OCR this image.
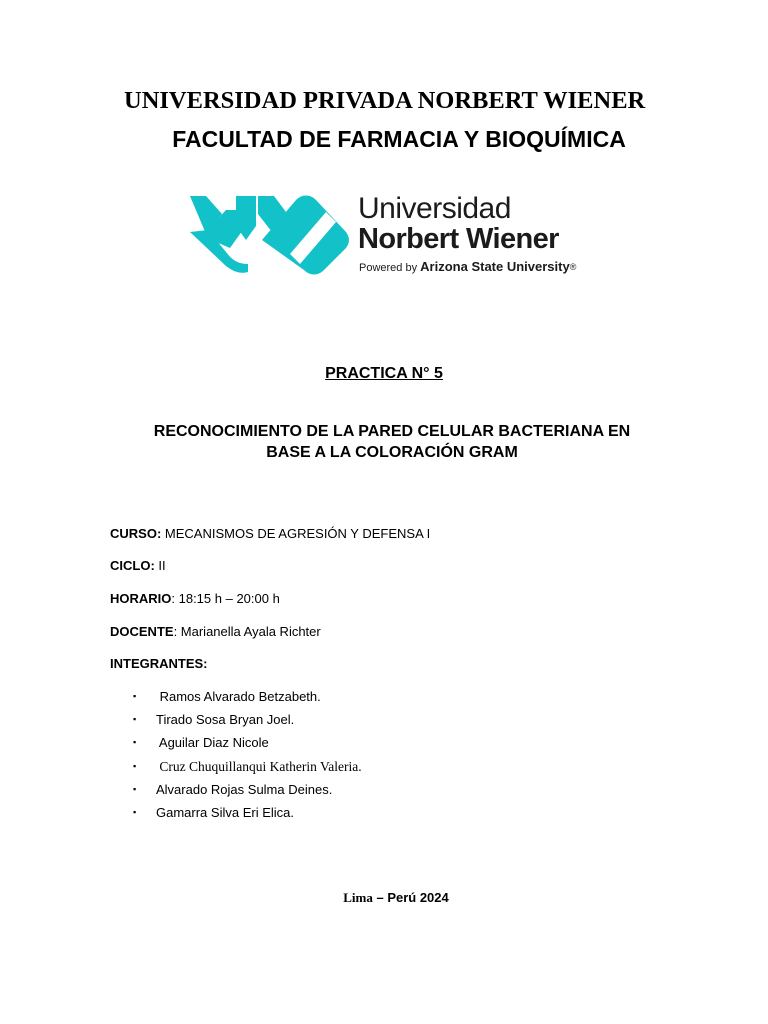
UNIVERSIDAD PRIVADA NORBERT WIENER
FACULTAD DE FARMACIA Y BIOQUÍMICA
Universidad
Norbert Wiener
Powered by Arizona State University®
PRACTICA N° 5
RECONOCIMIENTO DE LA PARED CELULAR BACTERIANA EN
BASE A LA COLORACIÓN GRAM
CURSO: MECANISMOS DE AGRESIÓN Y DEFENSA I
CICLO: II
HORARIO: 18:15 h – 20:00 h
DOCENTE: Marianella Ayala Richter
INTEGRANTES:
▪ Ramos Alvarado Betzabeth.
▪ Tirado Sosa Bryan Joel.
▪ Aguilar Diaz Nicole
▪ Cruz Chuquillanqui Katherin Valeria.
▪ Alvarado Rojas Sulma Deines.
▪ Gamarra Silva Eri Elica.
Lima – Perú 2024
